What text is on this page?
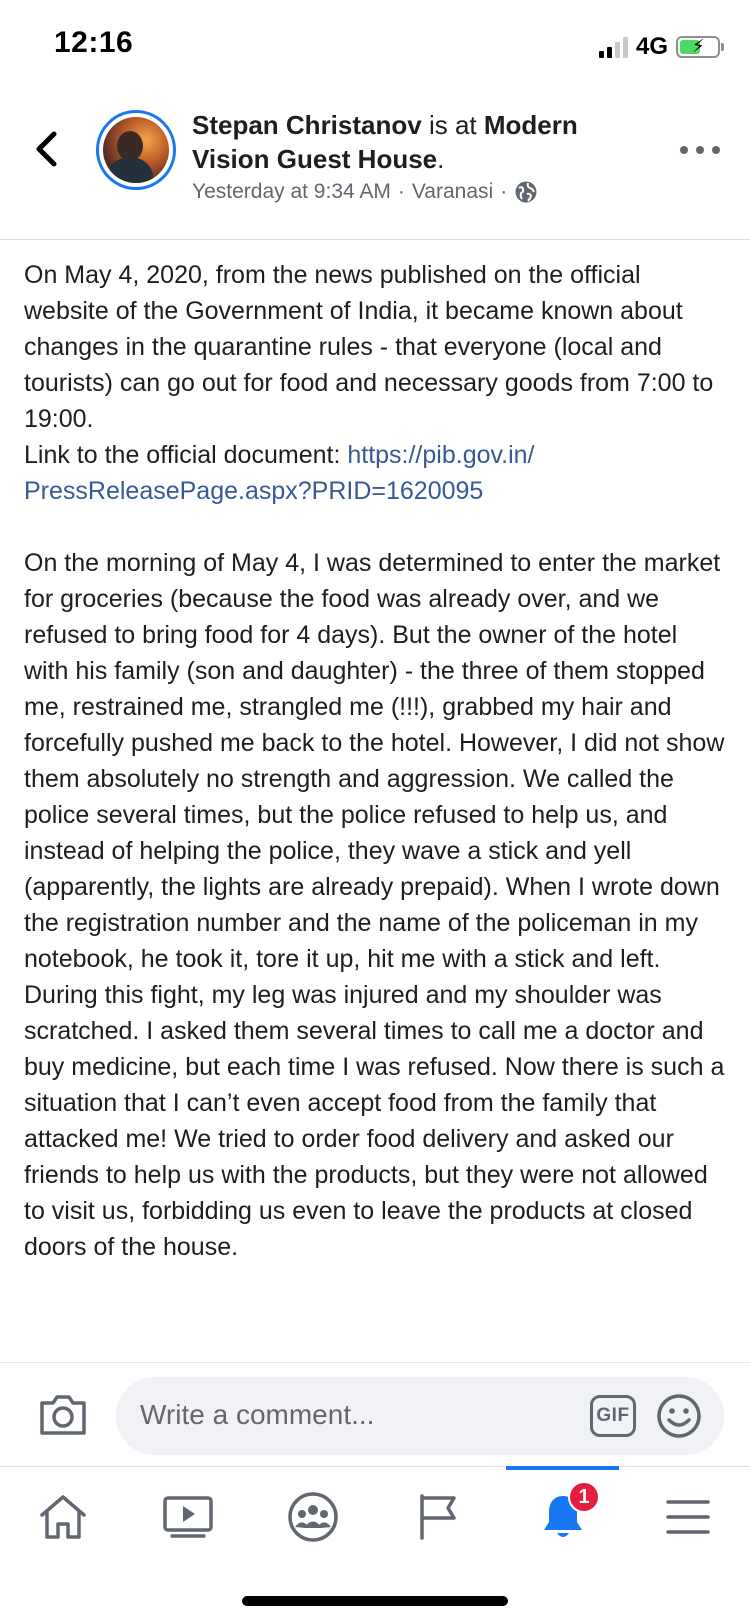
12:16	4G ⚡
Stepan Christanov is at Modern Vision Guest House.
Yesterday at 9:34 AM · Varanasi ·

On May 4, 2020, from the news published on the official website of the Government of India, it became known about changes in the quarantine rules - that everyone (local and tourists) can go out for food and necessary goods from 7:00 to 19:00.
Link to the official document: https://pib.gov.in/
PressReleasePage.aspx?PRID=1620095

On the morning of May 4, I was determined to enter the market for groceries (because the food was already over, and we refused to bring food for 4 days). But the owner of the hotel with his family (son and daughter) - the three of them stopped me, restrained me, strangled me (!!!), grabbed my hair and forcefully pushed me back to the hotel. However, I did not show them absolutely no strength and aggression. We called the police several times, but the police refused to help us, and instead of helping the police, they wave a stick and yell (apparently, the lights are already prepaid). When I wrote down the registration number and the name of the policeman in my notebook, he took it, tore it up, hit me with a stick and left. During this fight, my leg was injured and my shoulder was scratched. I asked them several times to call me a doctor and buy medicine, but each time I was refused. Now there is such a situation that I can’t even accept food from the family that attacked me! We tried to order food delivery and asked our friends to help us with the products, but they were not allowed to visit us, forbidding us even to leave the products at closed doors of the house.

Write a comment...	GIF
1
